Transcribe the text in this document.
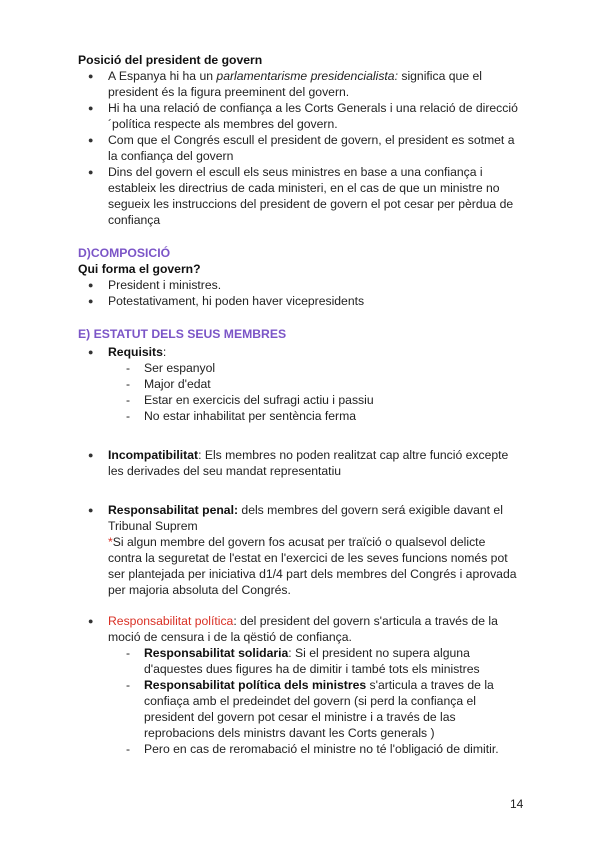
Posició del president de govern
● A Espanya hi ha un parlamentarisme presidencialista: significa que el president és la figura preeminent del govern.
● Hi ha una relació de confiança a les Corts Generals i una relació de direcció´política respecte als membres del govern.
● Com que el Congrés escull el president de govern, el president es sotmet a la confiança del govern
● Dins del govern el escull els seus ministres en base a una confiança i estableix les directrius de cada ministeri, en el cas de que un ministre no segueix les instruccions del president de govern el pot cesar per pèrdua de confiança
D)COMPOSICIÓ
Qui forma el govern?
● President i ministres.
● Potestativament, hi poden haver vicepresidents
E) ESTATUT DELS SEUS MEMBRES
● Requisits:
- Ser espanyol
- Major d'edat
- Estar en exercicis del sufragi actiu i passiu
- No estar inhabilitat per sentència ferma
● Incompatibilitat: Els membres no poden realitzat cap altre funció excepte les derivades del seu mandat representatiu
● Responsabilitat penal: dels membres del govern será exigible davant el Tribunal Suprem
*Si algun membre del govern fos acusat per traïció o qualsevol delicte contra la seguretat de l'estat en l'exercici de les seves funcions només pot ser plantejada per iniciativa d1/4 part dels membres del Congrés i aprovada per majoria absoluta del Congrés.
● Responsabilitat política: del president del govern s'articula a través de la moció de censura i de la qëstió de confiança.
- Responsabilitat solidaria: Si el president no supera alguna d'aquestes dues figures ha de dimitir i també tots els ministres
- Responsabilitat política dels ministres s'articula a traves de la confiaça amb el predeindet del govern (si perd la confiança el president del govern pot cesar el ministre i a través de las reprobacions dels ministrs davant les Corts generals )
- Pero en cas de reromabació el ministre no té l'obligació de dimitir.
14
